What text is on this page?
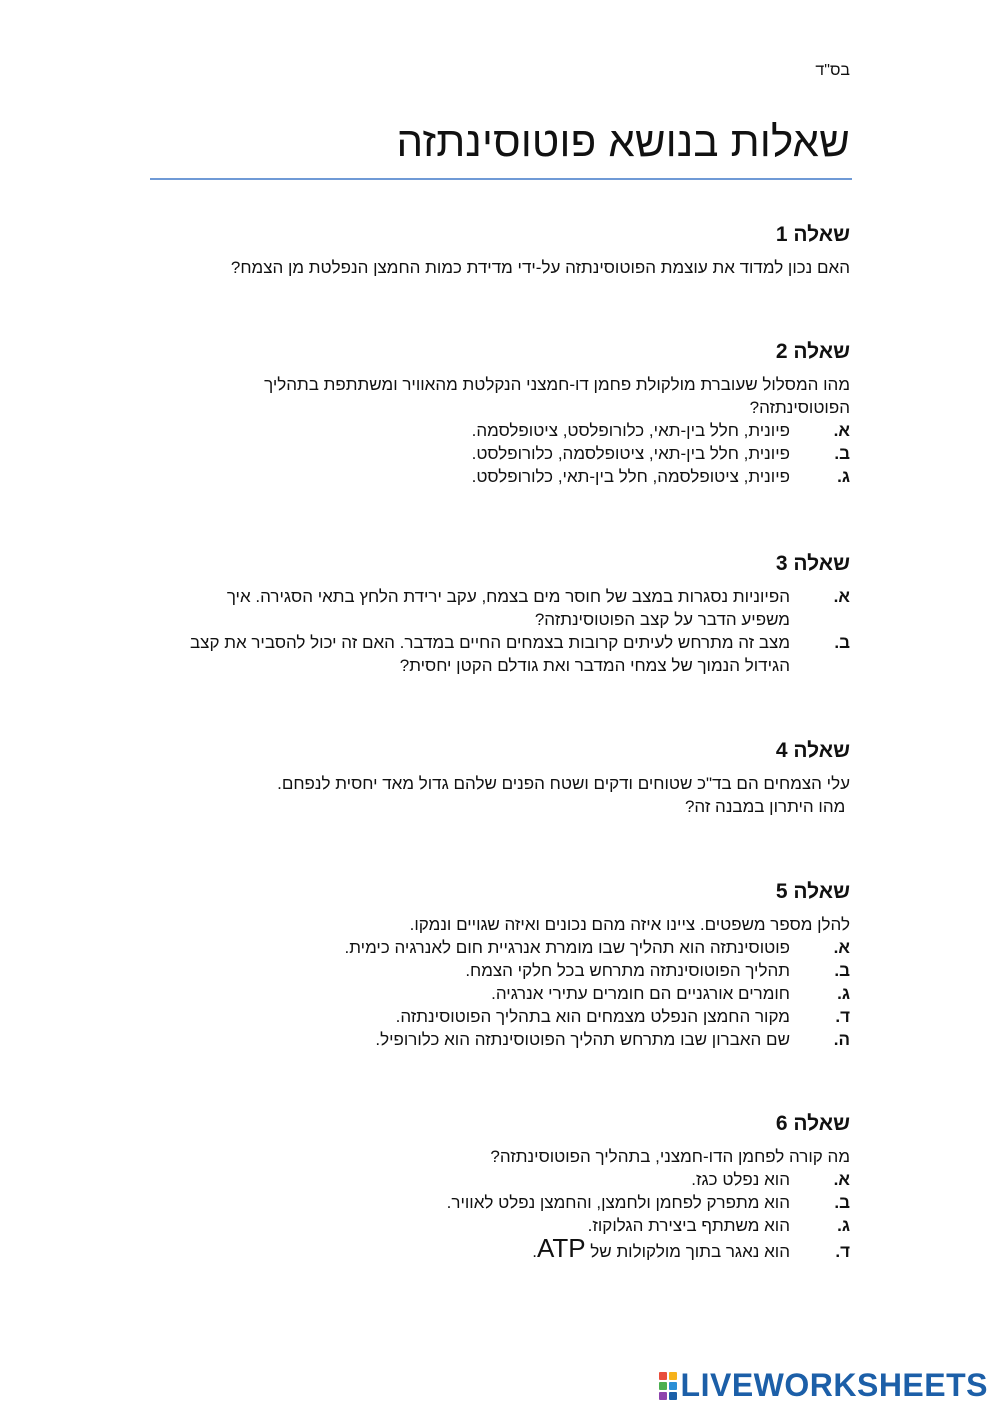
בס"ד
שאלות בנושא פוטוסינתזה
שאלה 1

האם נכון למדוד את עוצמת הפוטוסינתזה על-ידי מדידת כמות החמצן הנפלטת מן הצמח?

שאלה 2

מהו המסלול שעוברת מולקולת פחמן דו-חמצני הנקלטת מהאוויר ומשתתפת בתהליך הפוטוסינתזה?

א.
פיונית, חלל בין-תאי, כלורופלסט, ציטופלסמה.
ב.
פיונית, חלל בין-תאי, ציטופלסמה, כלורופלסט.
ג.
פיונית, ציטופלסמה, חלל בין-תאי, כלורופלסט.
שאלה 3
א.
הפיוניות נסגרות במצב של חוסר מים בצמח, עקב ירידת הלחץ בתאי הסגירה. איך משפיע הדבר על קצב הפוטוסינתזה?
ב.
מצב זה מתרחש לעיתים קרובות בצמחים החיים במדבר. האם זה יכול להסביר את קצב הגידול הנמוך של צמחי המדבר ואת גודלם הקטן יחסית?
שאלה 4

עלי הצמחים הם בד"כ שטוחים ודקים ושטח הפנים שלהם גדול מאד יחסית לנפחם.

מהו היתרון במבנה זה?

שאלה 5

להלן מספר משפטים. ציינו איזה מהם נכונים ואיזה שגויים ונמקו.

א.
פוטוסינתזה הוא תהליך שבו מומרת אנרגיית חום לאנרגיה כימית.
ב.
תהליך הפוטוסינתזה מתרחש בכל חלקי הצמח.
ג.
חומרים אורגניים הם חומרים עתירי אנרגיה.
ד.
מקור החמצן הנפלט מצמחים הוא בתהליך הפוטוסינתזה.
ה.
שם האברון שבו מתרחש תהליך הפוטוסינתזה הוא כלורופיל.
שאלה 6

מה קורה לפחמן הדו-חמצני, בתהליך הפוטוסינתזה?

א.
הוא נפלט כגז.
ב.
הוא מתפרק לפחמן ולחמצן, והחמצן נפלט לאוויר.
ג.
הוא משתתף ביצירת הגלוקוז.
ד.
הוא נאגר בתוך מולקולות של ATP.
LIVEWORKSHEETS
